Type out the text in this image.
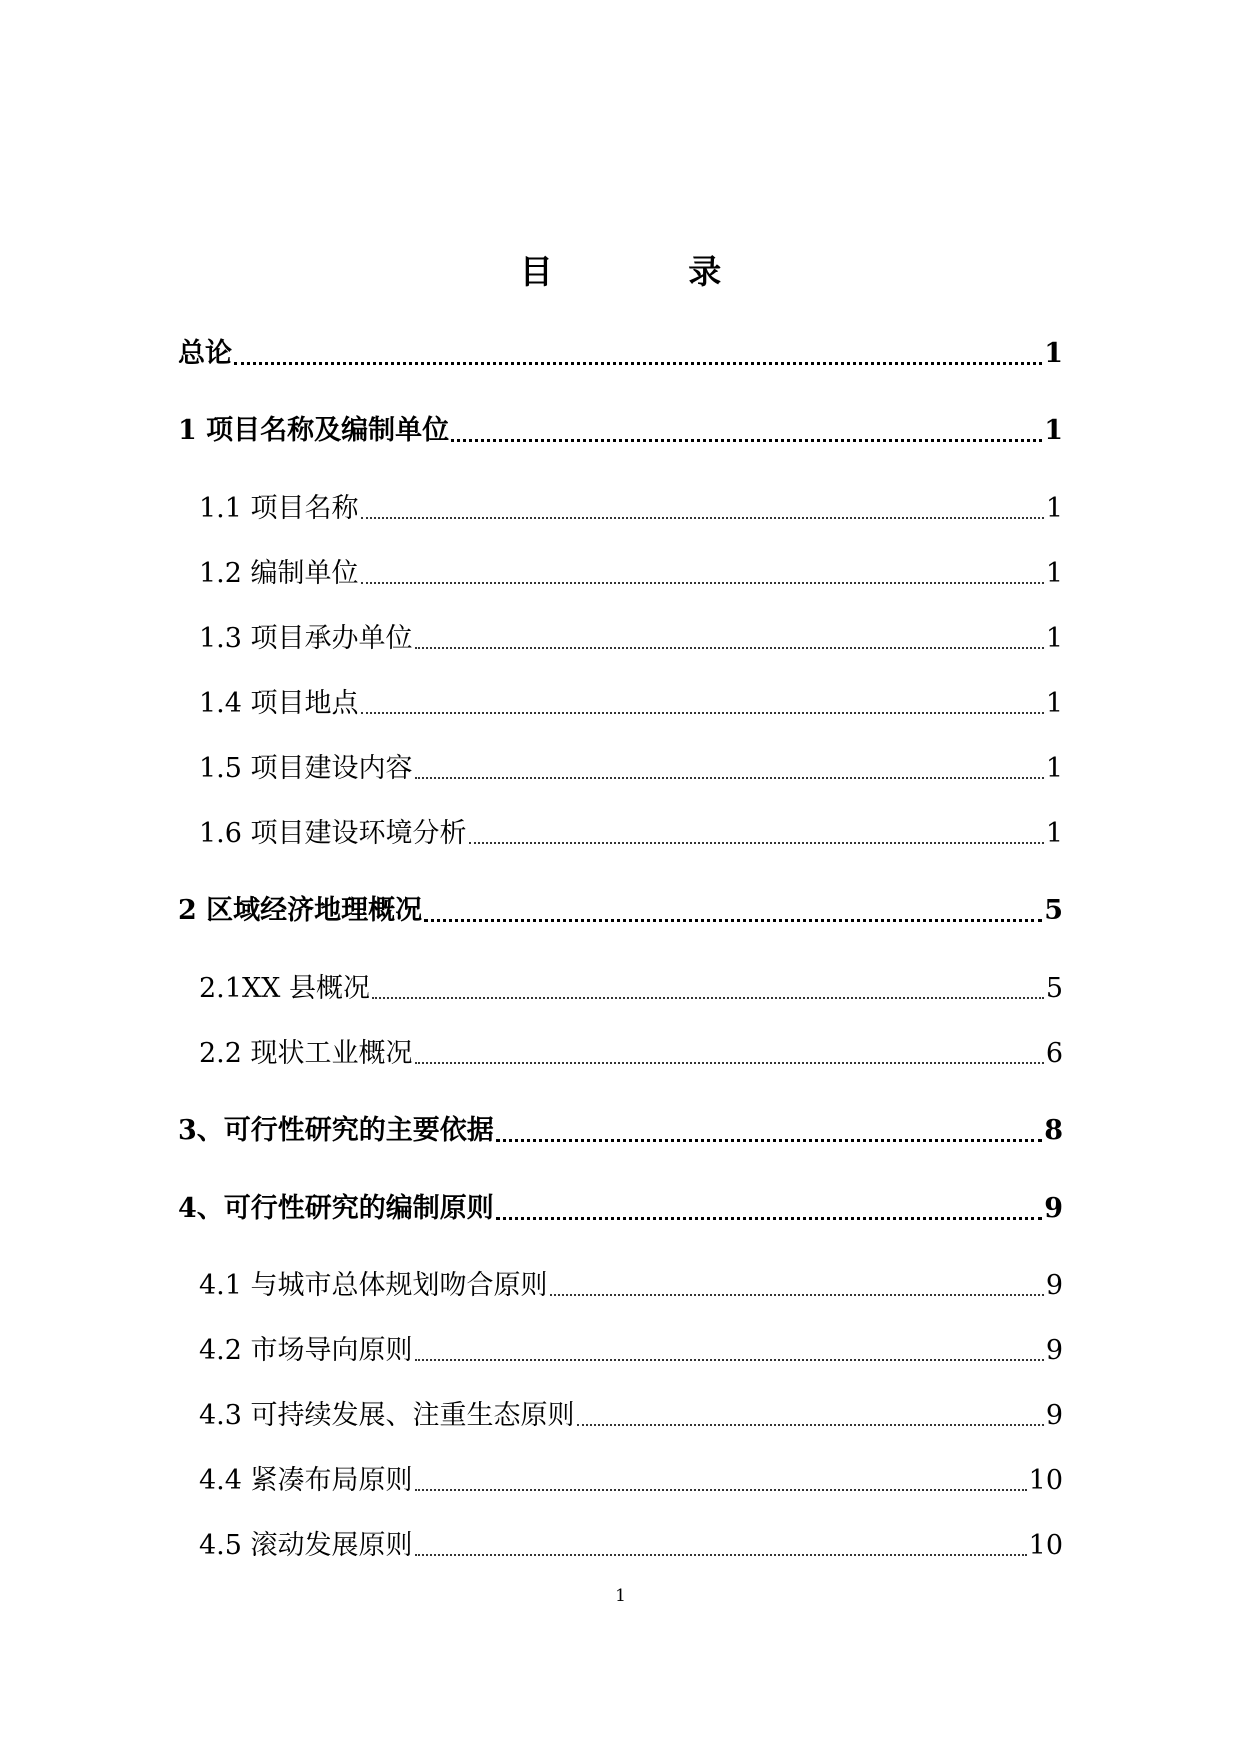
目 录
总论	1
1 项目名称及编制单位	1
1.1 项目名称	1
1.2 编制单位	1
1.3 项目承办单位	1
1.4 项目地点	1
1.5 项目建设内容	1
1.6 项目建设环境分析	1
2 区域经济地理概况	5
2.1XX 县概况	5
2.2 现状工业概况	6
3、可行性研究的主要依据	8
4、可行性研究的编制原则	9
4.1 与城市总体规划吻合原则	9
4.2 市场导向原则	9
4.3 可持续发展、注重生态原则	9
4.4 紧凑布局原则	10
4.5 滚动发展原则	10
1
